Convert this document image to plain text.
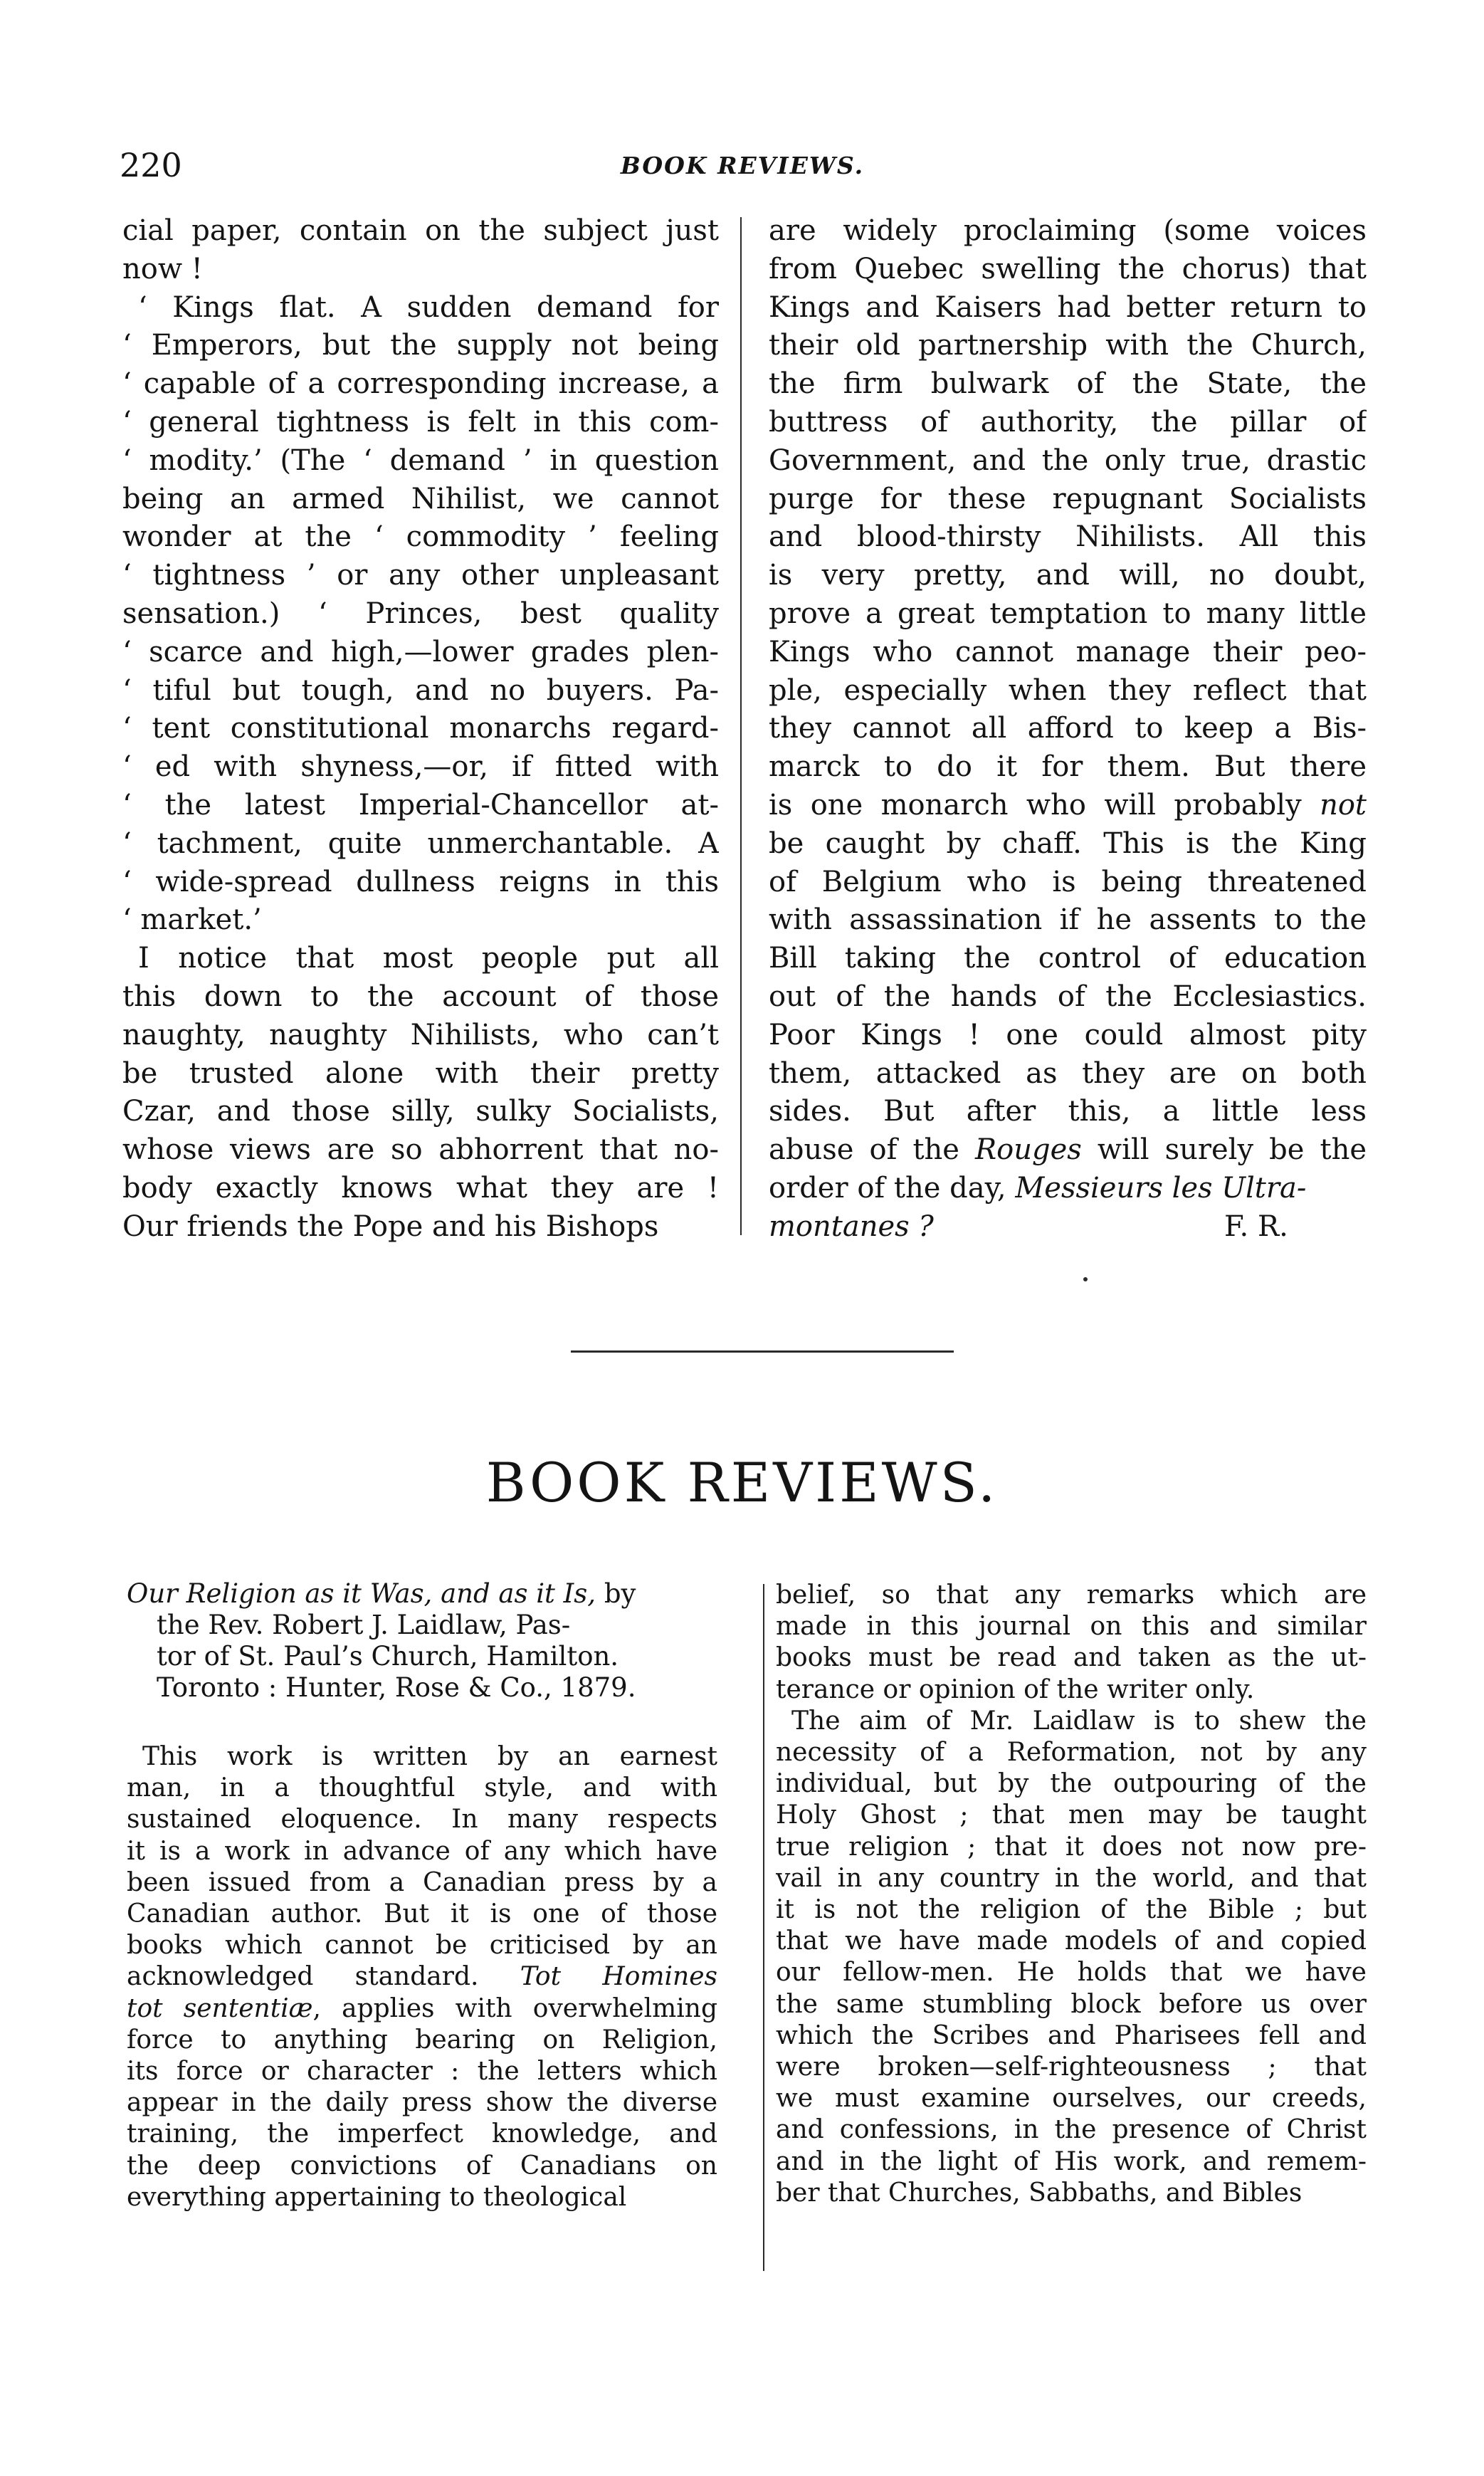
220	BOOK REVIEWS.
cial paper, contain on the subject just
now !
‘ Kings flat. A sudden demand for
‘ Emperors, but the supply not being
‘ capable of a corresponding increase, a
‘ general tightness is felt in this com-
‘ modity.’ (The ‘ demand ’ in question
being an armed Nihilist, we cannot
wonder at the ‘ commodity ’ feeling
‘ tightness ’ or any other unpleasant
sensation.) ‘ Princes, best quality
‘ scarce and high,—lower grades plen-
‘ tiful but tough, and no buyers. Pa-
‘ tent constitutional monarchs regard-
‘ ed with shyness,—or, if fitted with
‘ the latest Imperial-Chancellor at-
‘ tachment, quite unmerchantable. A
‘ wide-spread dullness reigns in this
‘ market.’
I notice that most people put all
this down to the account of those
naughty, naughty Nihilists, who can’t
be trusted alone with their pretty
Czar, and those silly, sulky Socialists,
whose views are so abhorrent that no-
body exactly knows what they are !
Our friends the Pope and his Bishops
are widely proclaiming (some voices
from Quebec swelling the chorus) that
Kings and Kaisers had better return to
their old partnership with the Church,
the firm bulwark of the State, the
buttress of authority, the pillar of
Government, and the only true, drastic
purge for these repugnant Socialists
and blood-thirsty Nihilists. All this
is very pretty, and will, no doubt,
prove a great temptation to many little
Kings who cannot manage their peo-
ple, especially when they reflect that
they cannot all afford to keep a Bis-
marck to do it for them. But there
is one monarch who will probably not
be caught by chaff. This is the King
of Belgium who is being threatened
with assassination if he assents to the
Bill taking the control of education
out of the hands of the Ecclesiastics.
Poor Kings ! one could almost pity
them, attacked as they are on both
sides. But after this, a little less
abuse of the Rouges will surely be the
order of the day, Messieurs les Ultra-
montanes ?	F. R.
BOOK REVIEWS.
Our Religion as it Was, and as it Is, by
the Rev. Robert J. Laidlaw, Pas-
tor of St. Paul’s Church, Hamilton.
Toronto : Hunter, Rose & Co., 1879.
This work is written by an earnest
man, in a thoughtful style, and with
sustained eloquence. In many respects
it is a work in advance of any which have
been issued from a Canadian press by a
Canadian author. But it is one of those
books which cannot be criticised by an
acknowledged standard. Tot Homines
tot sententiæ, applies with overwhelming
force to anything bearing on Religion,
its force or character : the letters which
appear in the daily press show the diverse
training, the imperfect knowledge, and
the deep convictions of Canadians on
everything appertaining to theological
belief, so that any remarks which are
made in this journal on this and similar
books must be read and taken as the ut-
terance or opinion of the writer only.
The aim of Mr. Laidlaw is to shew the
necessity of a Reformation, not by any
individual, but by the outpouring of the
Holy Ghost ; that men may be taught
true religion ; that it does not now pre-
vail in any country in the world, and that
it is not the religion of the Bible ; but
that we have made models of and copied
our fellow-men. He holds that we have
the same stumbling block before us over
which the Scribes and Pharisees fell and
were broken—self-righteousness ; that
we must examine ourselves, our creeds,
and confessions, in the presence of Christ
and in the light of His work, and remem-
ber that Churches, Sabbaths, and Bibles
